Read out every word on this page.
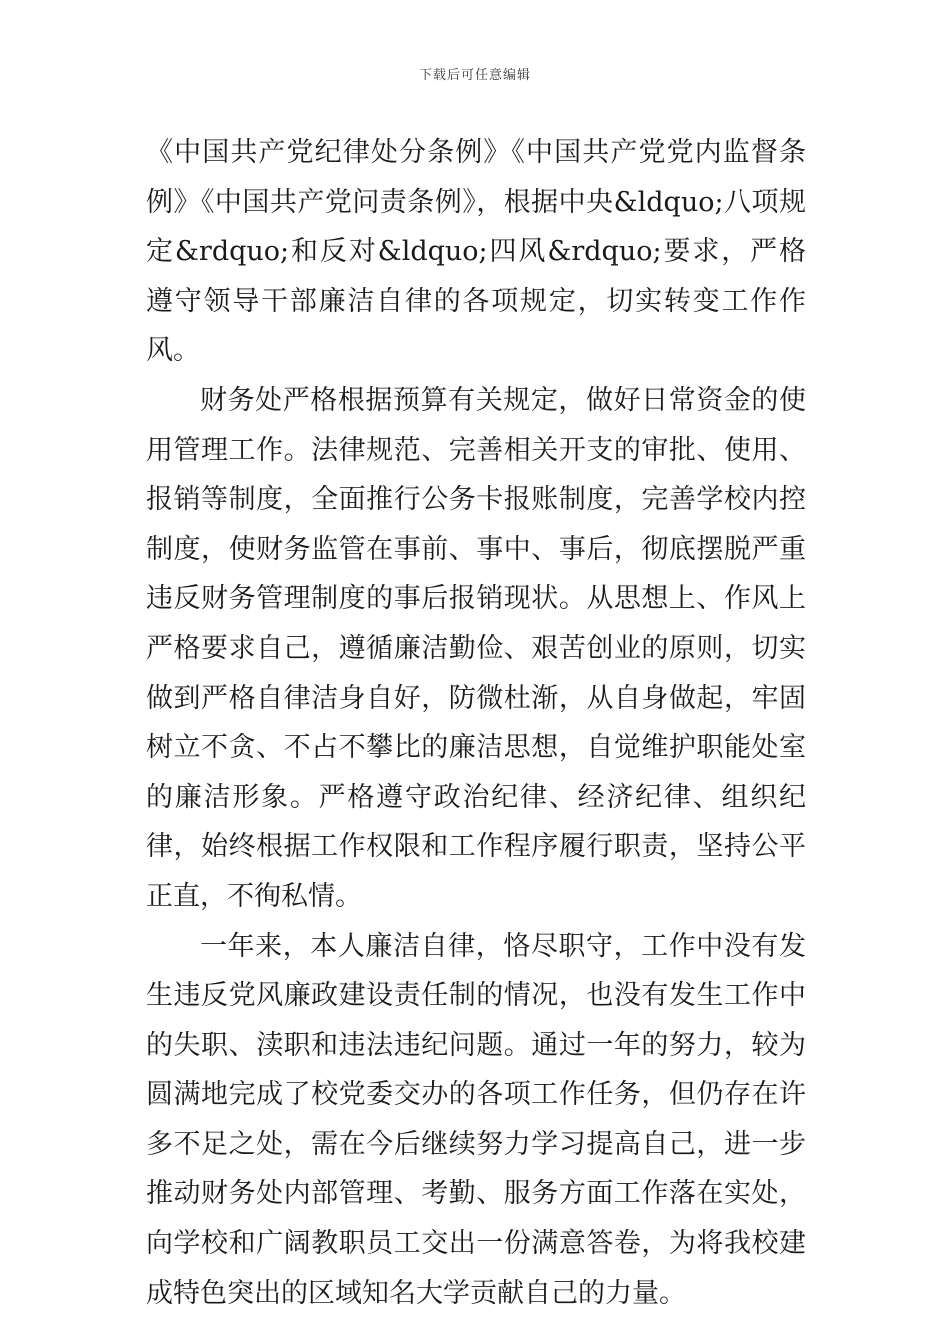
下载后可任意编辑

《中国共产党纪律处分条例》《中国共产党党内监督条例》《中国共产党问责条例》，根据中央&ldquo;八项规定&rdquo;和反对&ldquo;四风&rdquo;要求，严格遵守领导干部廉洁自律的各项规定，切实转变工作作风。

财务处严格根据预算有关规定，做好日常资金的使用管理工作。法律规范、完善相关开支的审批、使用、报销等制度，全面推行公务卡报账制度，完善学校内控制度，使财务监管在事前、事中、事后，彻底摆脱严重违反财务管理制度的事后报销现状。从思想上、作风上严格要求自己，遵循廉洁勤俭、艰苦创业的原则，切实做到严格自律洁身自好，防微杜渐，从自身做起，牢固树立不贪、不占不攀比的廉洁思想，自觉维护职能处室的廉洁形象。严格遵守政治纪律、经济纪律、组织纪律，始终根据工作权限和工作程序履行职责，坚持公平正直，不徇私情。

一年来，本人廉洁自律，恪尽职守，工作中没有发生违反党风廉政建设责任制的情况，也没有发生工作中的失职、渎职和违法违纪问题。通过一年的努力，较为圆满地完成了校党委交办的各项工作任务，但仍存在许多不足之处，需在今后继续努力学习提高自己，进一步推动财务处内部管理、考勤、服务方面工作落在实处，向学校和广阔教职员工交出一份满意答卷，为将我校建成特色突出的区域知名大学贡献自己的力量。
